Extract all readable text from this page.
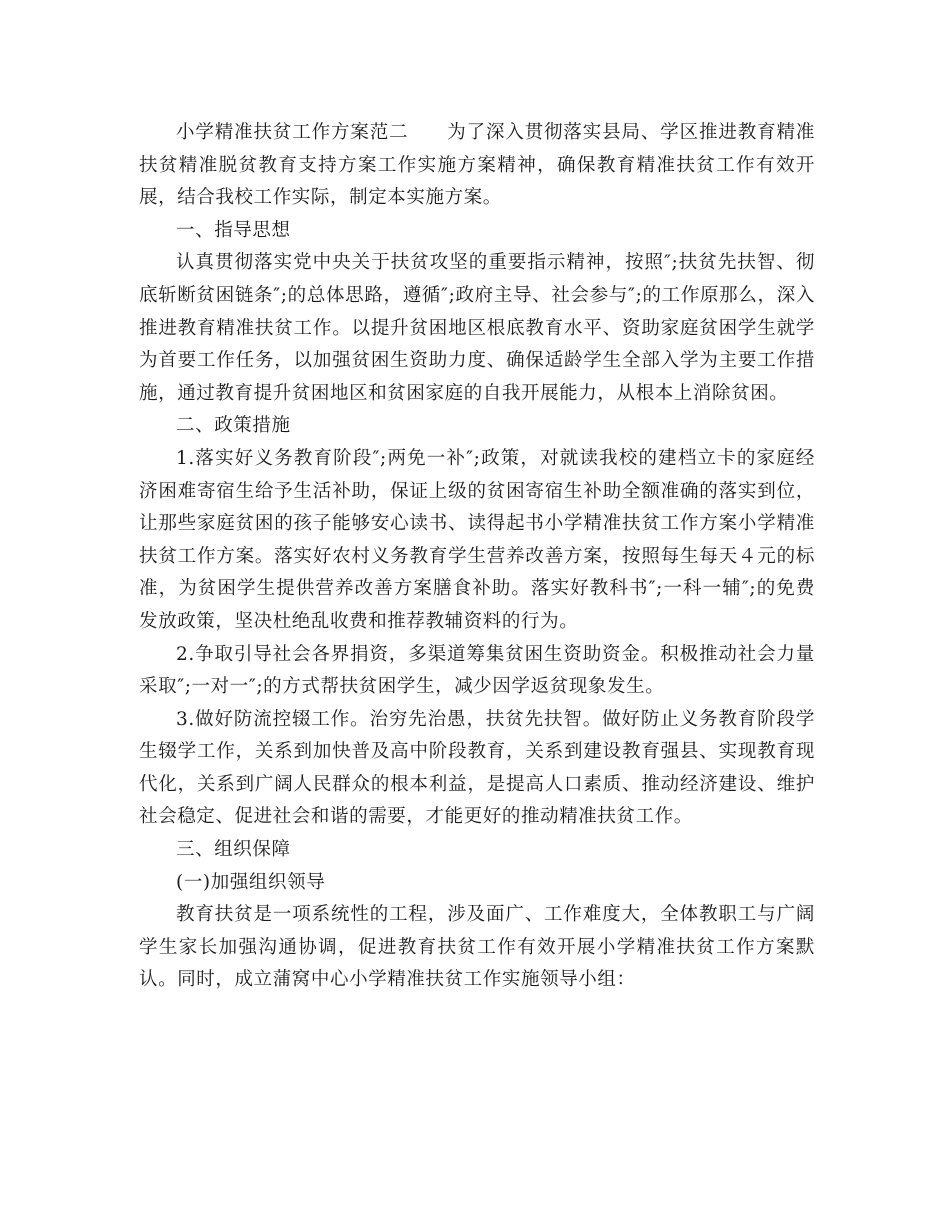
小学精准扶贫工作方案范二　　为了深入贯彻落实县局、学区推进教育精准扶贫精准脱贫教育支持方案工作实施方案精神，确保教育精准扶贫工作有效开展，结合我校工作实际，制定本实施方案。

一、指导思想

认真贯彻落实党中央关于扶贫攻坚的重要指示精神，按照″;扶贫先扶智、彻底斩断贫困链条″;的总体思路，遵循″;政府主导、社会参与″;的工作原那么，深入推进教育精准扶贫工作。以提升贫困地区根底教育水平、资助家庭贫困学生就学为首要工作任务，以加强贫困生资助力度、确保适龄学生全部入学为主要工作措施，通过教育提升贫困地区和贫困家庭的自我开展能力，从根本上消除贫困。

二、政策措施

1.落实好义务教育阶段″;两免一补″;政策，对就读我校的建档立卡的家庭经济困难寄宿生给予生活补助，保证上级的贫困寄宿生补助全额准确的落实到位，让那些家庭贫困的孩子能够安心读书、读得起书小学精准扶贫工作方案小学精准扶贫工作方案。落实好农村义务教育学生营养改善方案，按照每生每天４元的标准，为贫困学生提供营养改善方案膳食补助。落实好教科书″;一科一辅″;的免费发放政策，坚决杜绝乱收费和推荐教辅资料的行为。

2.争取引导社会各界捐资，多渠道筹集贫困生资助资金。积极推动社会力量采取″;一对一″;的方式帮扶贫困学生，减少因学返贫现象发生。

3.做好防流控辍工作。治穷先治愚，扶贫先扶智。做好防止义务教育阶段学生辍学工作，关系到加快普及高中阶段教育，关系到建设教育强县、实现教育现代化，关系到广阔人民群众的根本利益，是提高人口素质、推动经济建设、维护社会稳定、促进社会和谐的需要，才能更好的推动精准扶贫工作。

三、组织保障

(一)加强组织领导

教育扶贫是一项系统性的工程，涉及面广、工作难度大，全体教职工与广阔学生家长加强沟通协调，促进教育扶贫工作有效开展小学精准扶贫工作方案默认。同时，成立蒲窝中心小学精准扶贫工作实施领导小组：
